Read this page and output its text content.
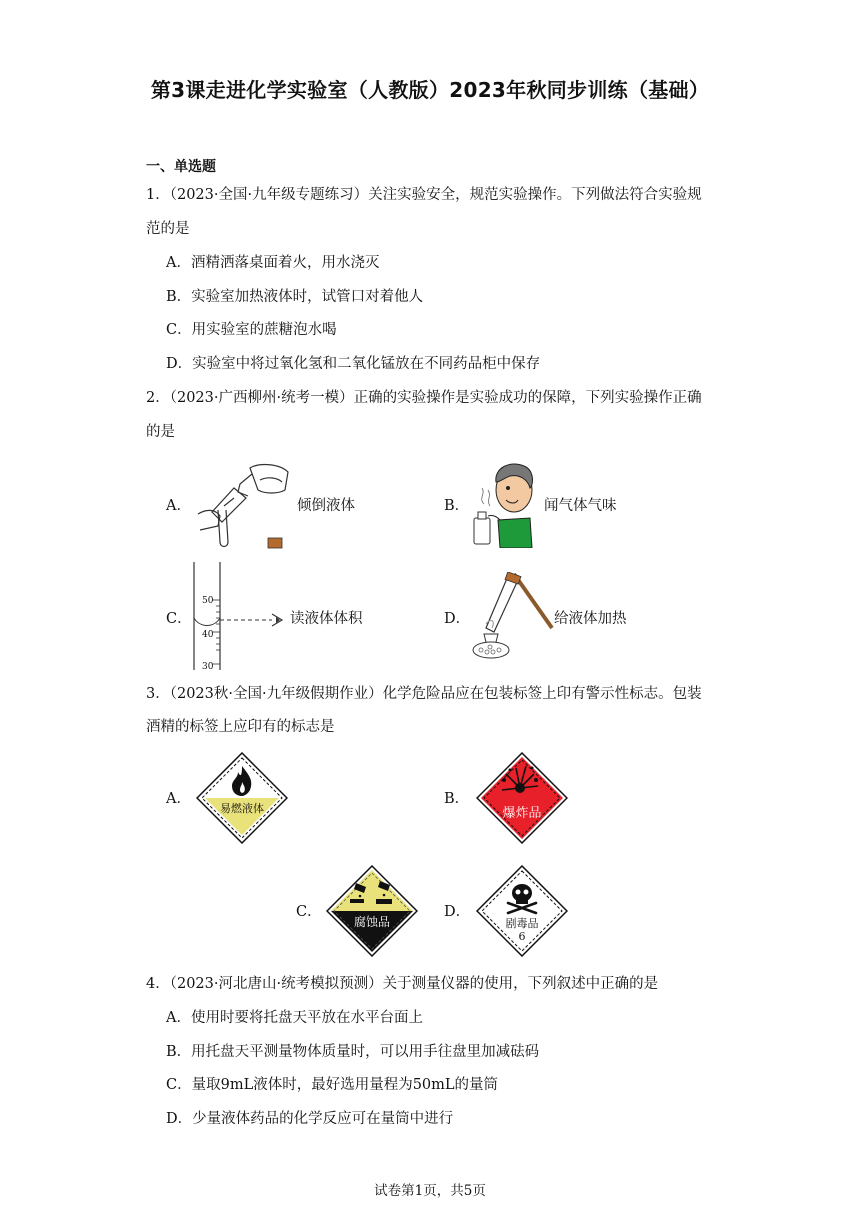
第3课走进化学实验室（人教版）2023年秋同步训练（基础）
一、单选题
1．（2023·全国·九年级专题练习）关注实验安全，规范实验操作。下列做法符合实验规
范的是
A．酒精洒落桌面着火，用水浇灭
B．实验室加热液体时，试管口对着他人
C．用实验室的蔗糖泡水喝
D．实验室中将过氧化氢和二氧化锰放在不同药品柜中保存
2．（2023·广西柳州·统考一模）正确的实验操作是实验成功的保障，下列实验操作正确
的是
A．	倾倒液体	B．	闻气体气味
C．
50
40
30
读液体体积	D．	给液体加热
3．（2023秋·全国·九年级假期作业）化学危险品应在包装标签上印有警示性标志。包装
酒精的标签上应印有的标志是
A．
易燃液体
B．
爆炸品
C．
腐蚀品
D．
剧毒品
6
4．（2023·河北唐山·统考模拟预测）关于测量仪器的使用，下列叙述中正确的是
A．使用时要将托盘天平放在水平台面上
B．用托盘天平测量物体质量时，可以用手往盘里加减砝码
C．量取9mL液体时，最好选用量程为50mL的量筒
D．少量液体药品的化学反应可在量筒中进行
试卷第1页，共5页
